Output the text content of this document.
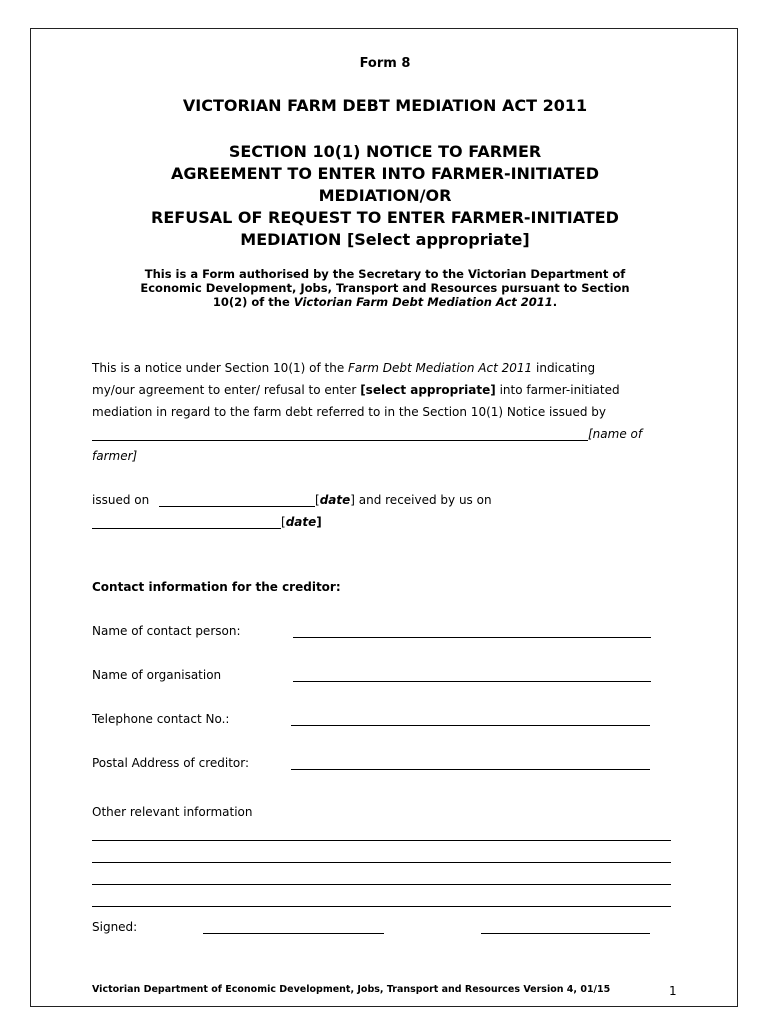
Form 8
VICTORIAN FARM DEBT MEDIATION ACT 2011
SECTION 10(1) NOTICE TO FARMER
AGREEMENT TO ENTER INTO FARMER-INITIATED
MEDIATION/OR
REFUSAL OF REQUEST TO ENTER FARMER-INITIATED
MEDIATION [Select appropriate]
This is a Form authorised by the Secretary to the Victorian Department of
Economic Development, Jobs, Transport and Resources pursuant to Section
10(2) of the Victorian Farm Debt Mediation Act 2011.
This is a notice under Section 10(1) of the Farm Debt Mediation Act 2011 indicating
my/our agreement to enter/ refusal to enter [select appropriate] into farmer-initiated
mediation in regard to the farm debt referred to in the Section 10(1) Notice issued by
[name of
farmer]
issued on	[date] and received by us on
[date]
Contact information for the creditor:
Name of contact person:
Name of organisation
Telephone contact No.:
Postal Address of creditor:
Other relevant information
Signed:
Victorian Department of Economic Development, Jobs, Transport and Resources Version 4, 01/15	1
